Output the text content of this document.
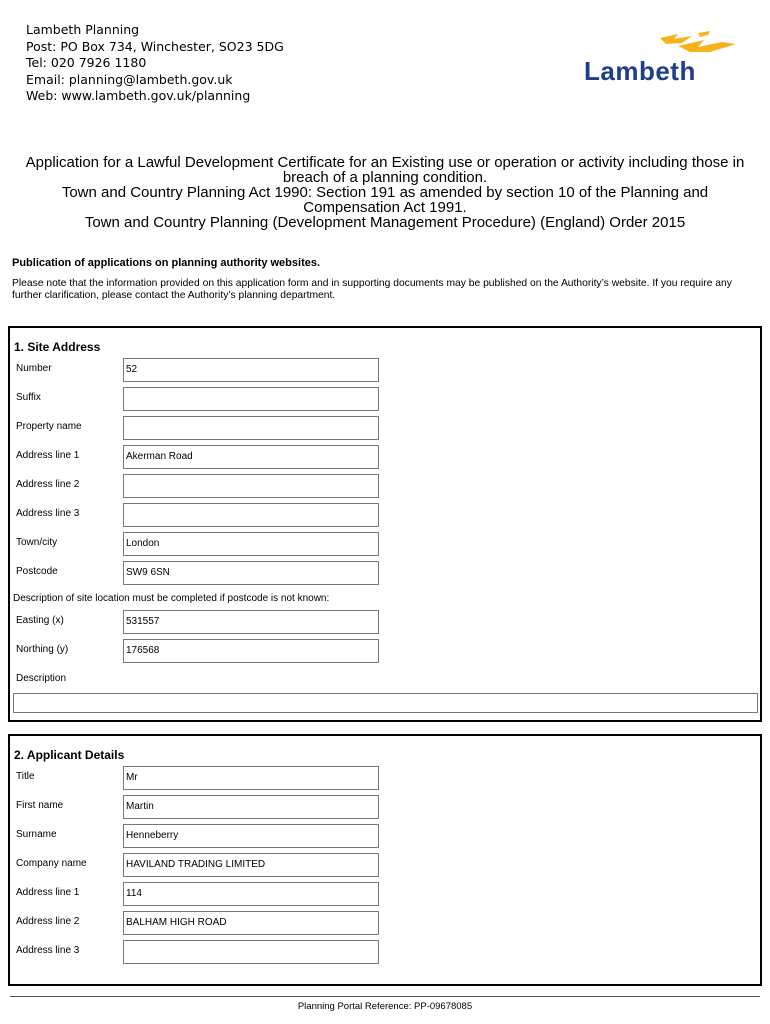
Lambeth Planning
Post: PO Box 734, Winchester, SO23 5DG
Tel: 020 7926 1180
Email: planning@lambeth.gov.uk
Web: www.lambeth.gov.uk/planning
Lambeth
Application for a Lawful Development Certificate for an Existing use or operation or activity including those in
breach of a planning condition.
Town and Country Planning Act 1990: Section 191 as amended by section 10 of the Planning and
Compensation Act 1991.
Town and Country Planning (Development Management Procedure) (England) Order 2015
Publication of applications on planning authority websites.
Please note that the information provided on this application form and in supporting documents may be published on the Authority’s website. If you require any further clarification, please contact the Authority’s planning department.
1. Site Address
Number	52
Suffix
Property name
Address line 1	Akerman Road
Address line 2
Address line 3
Town/city	London
Postcode	SW9 6SN
Description of site location must be completed if postcode is not known:
Easting (x)	531557
Northing (y)	176568
Description
2. Applicant Details
Title	Mr
First name	Martin
Surname	Henneberry
Company name	HAVILAND TRADING LIMITED
Address line 1	114
Address line 2	BALHAM HIGH ROAD
Address line 3
Planning Portal Reference: PP-09678085
